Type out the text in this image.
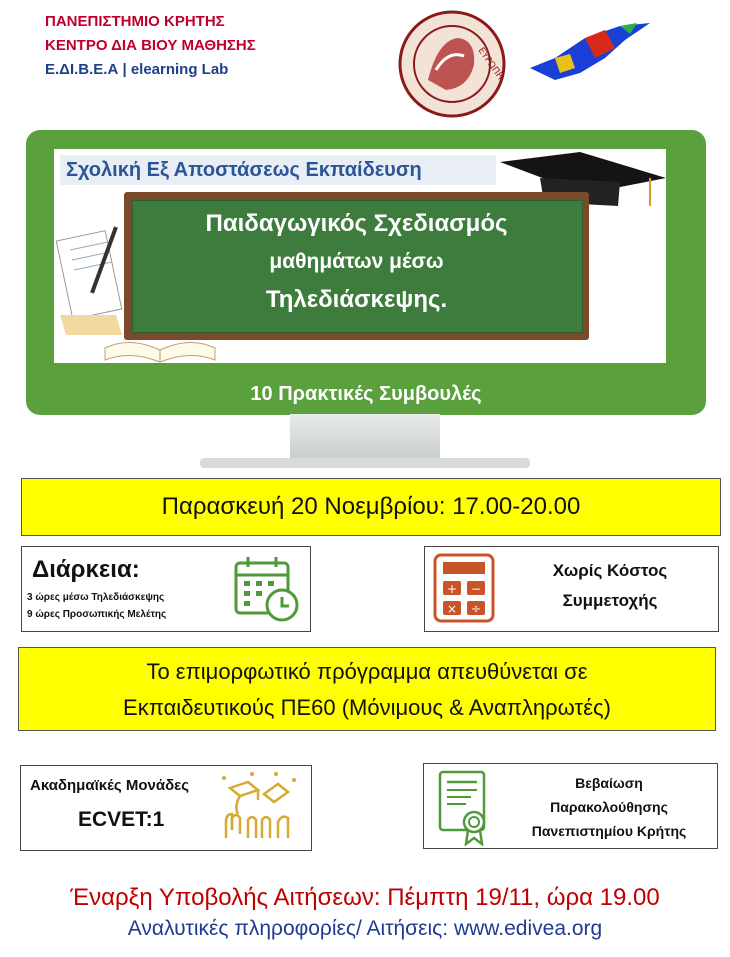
ΠΑΝΕΠΙΣΤΗΜΙΟ ΚΡΗΤΗΣ
ΚΕΝΤΡΟ ΔΙΑ ΒΙΟΥ ΜΑΘΗΣΗΣ
Ε.ΔΙ.Β.Ε.Α | elearning Lab	ΕΥΡΩΠΗ
Σχολική Εξ Αποστάσεως Εκπαίδευση
Παιδαγωγικός Σχεδιασμός
μαθημάτων μέσω
Τηλεδιάσκεψης.
10 Πρακτικές Συμβουλές
Παρασκευή 20 Νοεμβρίου: 17.00-20.00
Διάρκεια:
3 ώρες μέσω Τηλεδιάσκεψης
9 ώρες Προσωπικής Μελέτης
+ −
× ÷
Χωρίς Κόστος
Συμμετοχής
Το επιμορφωτικό πρόγραμμα απευθύνεται σε
Εκπαιδευτικούς ΠΕ60 (Μόνιμους & Αναπληρωτές)
Ακαδημαϊκές Μονάδες
ECVET:1
Βεβαίωση
Παρακολούθησης
Πανεπιστημίου Κρήτης
Έναρξη Υποβολής Αιτήσεων: Πέμπτη 19/11, ώρα 19.00
Αναλυτικές πληροφορίες/ Αιτήσεις: www.edivea.org
